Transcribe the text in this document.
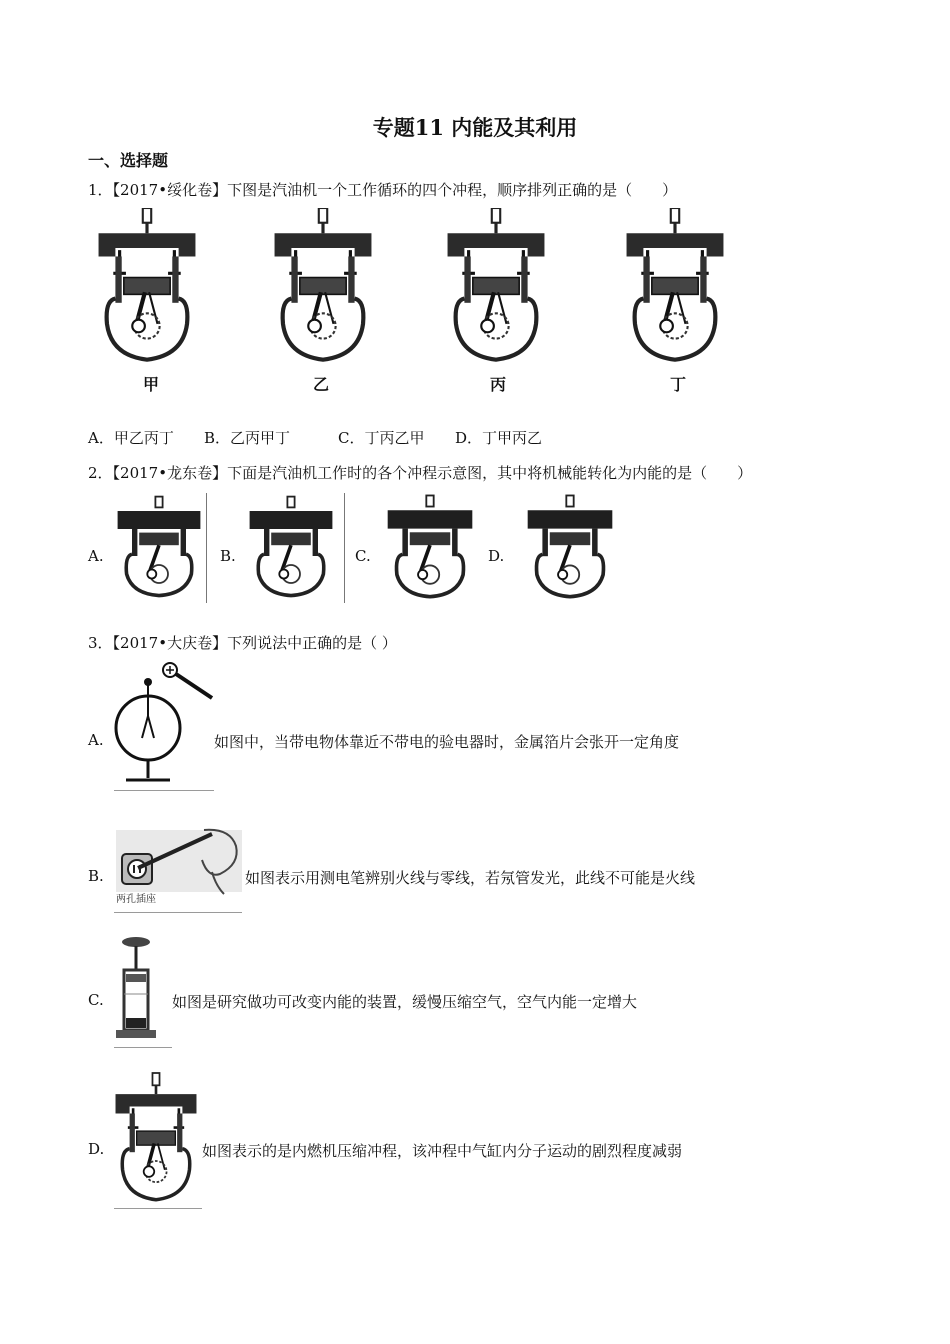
专题11 内能及其利用
一、选择题
1．【2017•绥化卷】下图是汽油机一个工作循环的四个冲程，顺序排列正确的是（　　）
甲	乙	丙	丁
A．甲乙丙丁 B．乙丙甲丁	C．丁丙乙甲 D．丁甲丙乙
2．【2017•龙东卷】下面是汽油机工作时的各个冲程示意图，其中将机械能转化为内能的是（　　）
A.	B.	C.	D.
3．【2017•大庆卷】下列说法中正确的是（ ）
A.	如图中，当带电物体靠近不带电的验电器时，金属箔片会张开一定角度
B.
两孔插座
如图表示用测电笔辨别火线与零线，若氖管发光，此线不可能是火线
C.	如图是研究做功可改变内能的装置，缓慢压缩空气，空气内能一定增大
D.	如图表示的是内燃机压缩冲程，该冲程中气缸内分子运动的剧烈程度减弱
